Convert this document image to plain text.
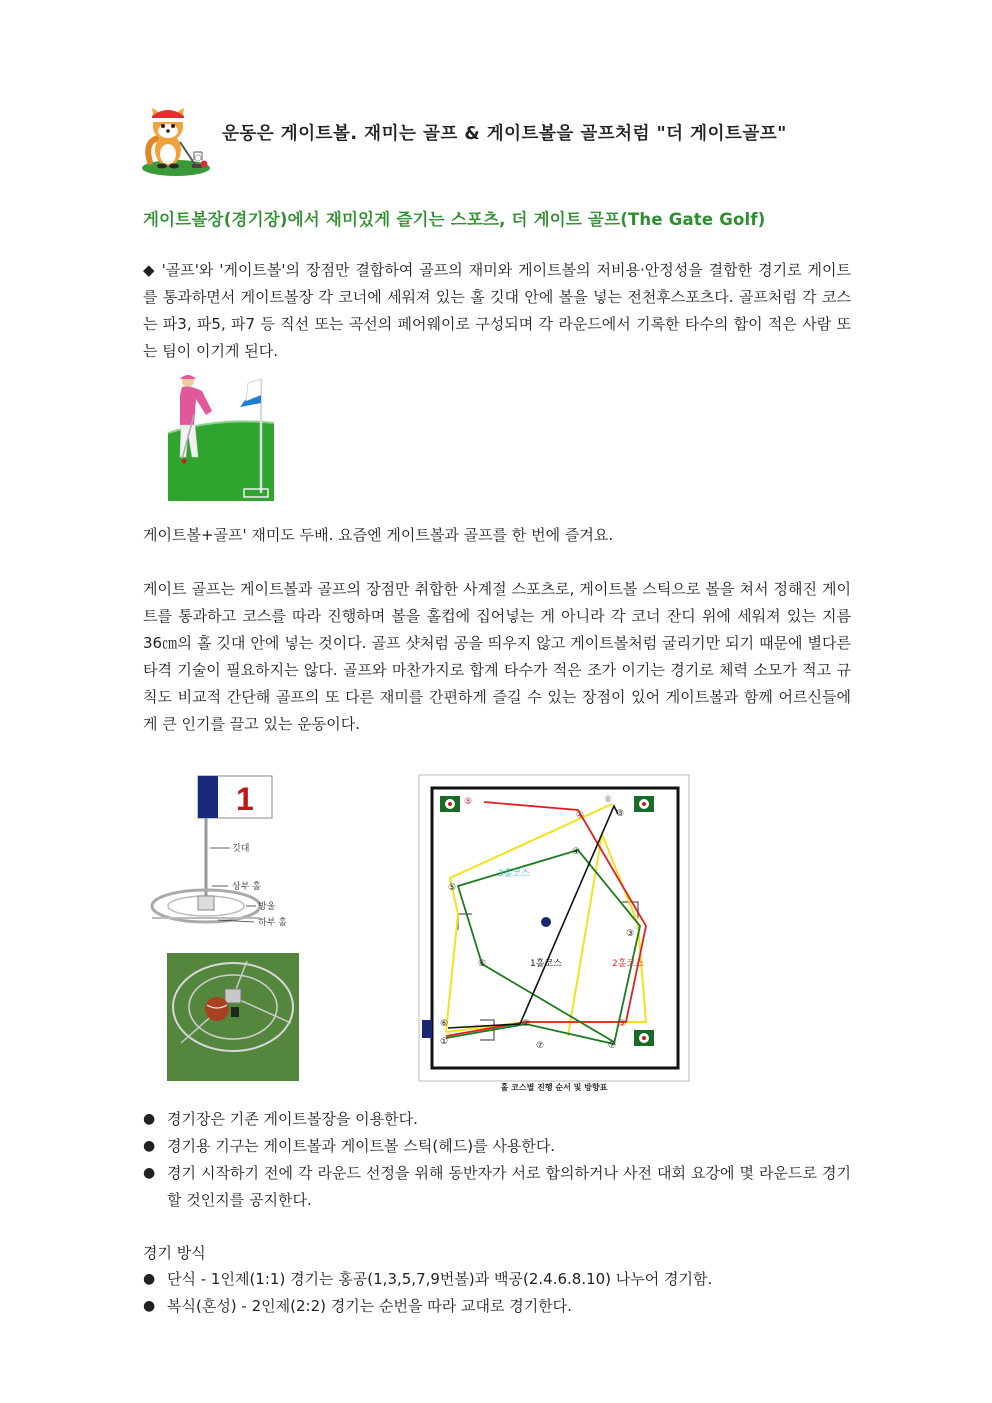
운동은 게이트볼. 재미는 골프 & 게이트볼을 골프처럼 "더 게이트골프"
게이트볼장(경기장)에서 재미있게 즐기는 스포츠, 더 게이트 골프(The Gate Golf)

◆ '골프'와 '게이트볼'의 장점만 결합하여 골프의 재미와 게이트볼의 저비용·안정성을 결합한 경기로 게이트를 통과하면서 게이트볼장 각 코너에 세워져 있는 홀 깃대 안에 볼을 넣는 전천후스포츠다. 골프처럼 각 코스는 파3, 파5, 파7 등 직선 또는 곡선의 페어웨이로 구성되며 각 라운드에서 기록한 타수의 합이 적은 사람 또는 팀이 이기게 된다.

게이트볼+골프' 재미도 두배. 요즘엔 게이트볼과 골프를 한 번에 즐겨요.

게이트 골프는 게이트볼과 골프의 장점만 취합한 사계절 스포츠로, 게이트볼 스틱으로 볼을 쳐서 정해진 게이트를 통과하고 코스를 따라 진행하며 볼을 홀컵에 집어넣는 게 아니라 각 코너 잔디 위에 세워져 있는 지름 36㎝의 홀 깃대 안에 넣는 것이다. 골프 샷처럼 공을 띄우지 않고 게이트볼처럼 굴리기만 되기 때문에 별다른 타격 기술이 필요하지는 않다. 골프와 마찬가지로 합계 타수가 적은 조가 이기는 경기로 체력 소모가 적고 규칙도 비교적 간단해 골프의 또 다른 재미를 간편하게 즐길 수 있는 장점이 있어 게이트볼과 함께 어르신들에게 큰 인기를 끌고 있는 운동이다.

1
깃대
상부 홀
방울
하부 홀
①
②
③
④
⑤
⑥
⑦
⑧
③
④
⑤
⑥
⑦
③
1홀코스	2홀코스
3홀코스
홀 코스별 진행 순서 및 방향표
● 경기장은 기존 게이트볼장을 이용한다.
● 경기용 기구는 게이트볼과 게이트볼 스틱(헤드)를 사용한다.
● 경기 시작하기 전에 각 라운드 선정을 위해 동반자가 서로 합의하거나 사전 대회 요강에 몇 라운드로 경기할 것인지를 공지한다.
경기 방식
● 단식 - 1인제(1:1) 경기는 홍공(1,3,5,7,9번볼)과 백공(2.4.6.8.10) 나누어 경기함.
● 복식(혼성) - 2인제(2:2) 경기는 순번을 따라 교대로 경기한다.
